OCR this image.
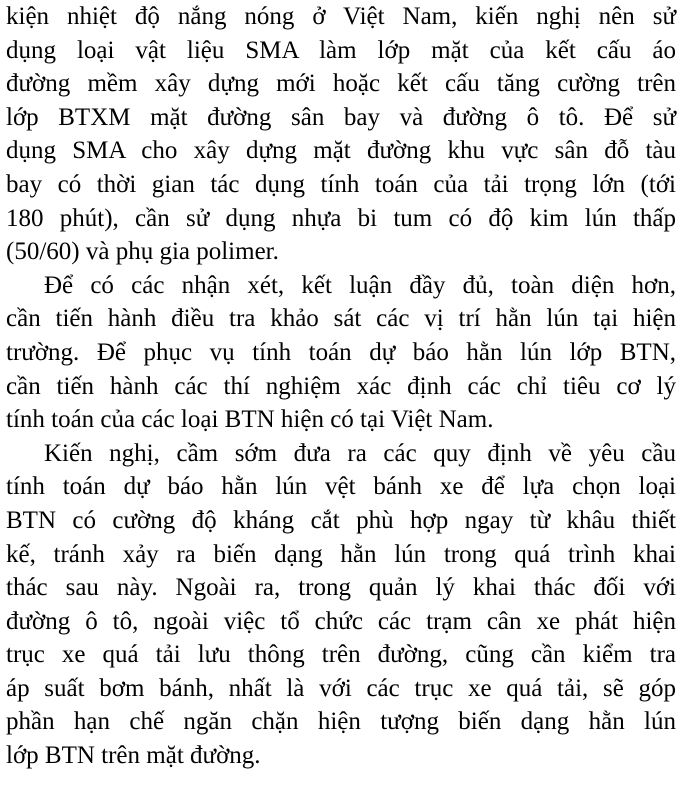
kiện nhiệt độ nắng nóng ở Việt Nam, kiến nghị nên sử
dụng loại vật liệu SMA làm lớp mặt của kết cấu áo
đường mềm xây dựng mới hoặc kết cấu tăng cường trên
lớp BTXM mặt đường sân bay và đường ô tô. Để sử
dụng SMA cho xây dựng mặt đường khu vực sân đỗ tàu
bay có thời gian tác dụng tính toán của tải trọng lớn (tới
180 phút), cần sử dụng nhựa bi tum có độ kim lún thấp
(50/60) và phụ gia polimer.
Để có các nhận xét, kết luận đầy đủ, toàn diện hơn,
cần tiến hành điều tra khảo sát các vị trí hằn lún tại hiện
trường. Để phục vụ tính toán dự báo hằn lún lớp BTN,
cần tiến hành các thí nghiệm xác định các chỉ tiêu cơ lý
tính toán của các loại BTN hiện có tại Việt Nam.
Kiến nghị, cầm sớm đưa ra các quy định về yêu cầu
tính toán dự báo hằn lún vệt bánh xe để lựa chọn loại
BTN có cường độ kháng cắt phù hợp ngay từ khâu thiết
kế, tránh xảy ra biến dạng hằn lún trong quá trình khai
thác sau này. Ngoài ra, trong quản lý khai thác đối với
đường ô tô, ngoài việc tổ chức các trạm cân xe phát hiện
trục xe quá tải lưu thông trên đường, cũng cần kiểm tra
áp suất bơm bánh, nhất là với các trục xe quá tải, sẽ góp
phần hạn chế ngăn chặn hiện tượng biến dạng hằn lún
lớp BTN trên mặt đường.
